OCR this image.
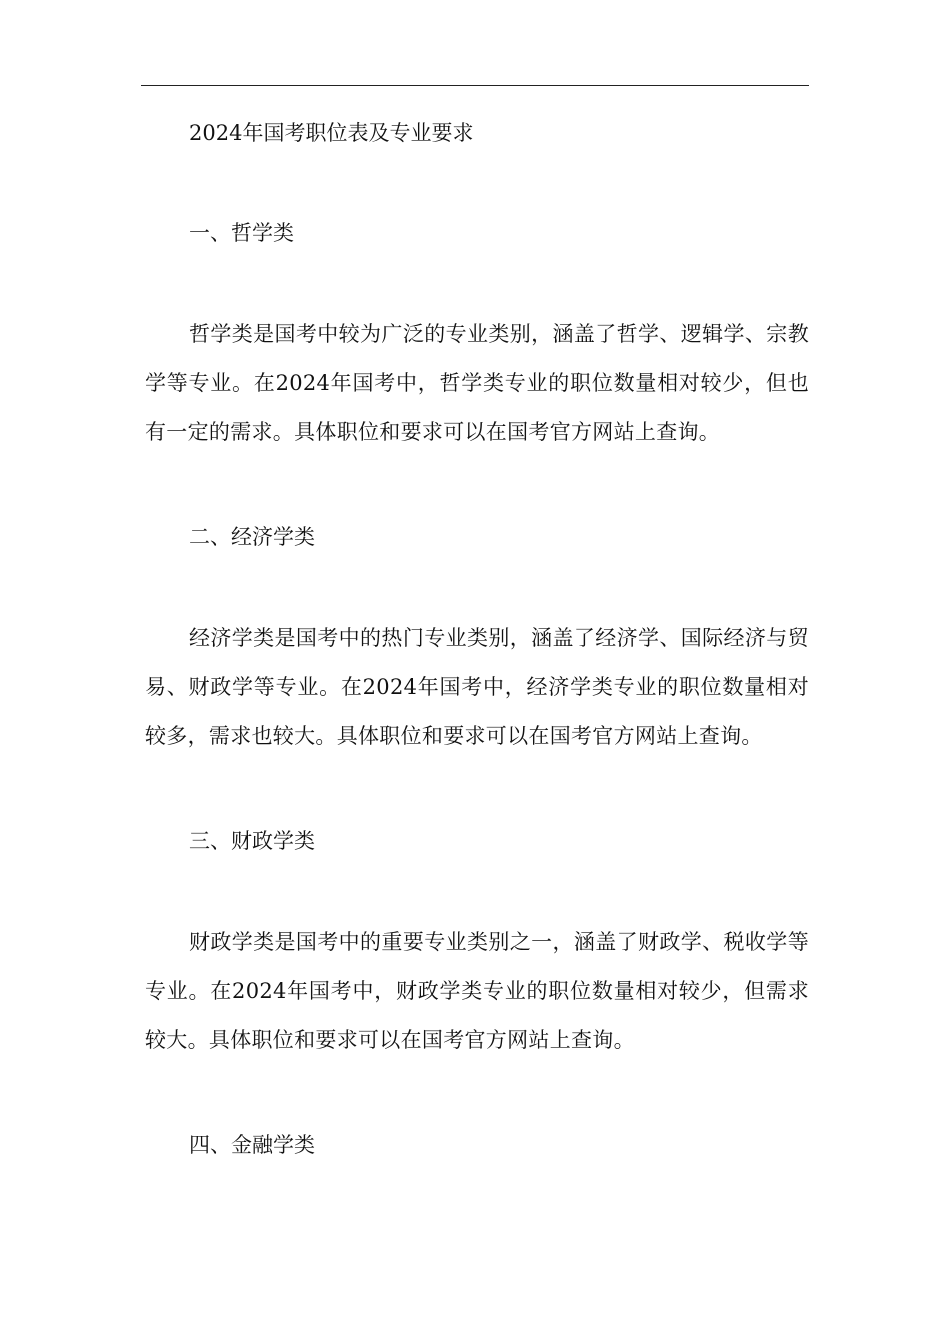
2024年国考职位表及专业要求
一、哲学类

哲学类是国考中较为广泛的专业类别，涵盖了哲学、逻辑学、宗教学等专业。在2024年国考中，哲学类专业的职位数量相对较少，但也有一定的需求。具体职位和要求可以在国考官方网站上查询。

二、经济学类

经济学类是国考中的热门专业类别，涵盖了经济学、国际经济与贸易、财政学等专业。在2024年国考中，经济学类专业的职位数量相对较多，需求也较大。具体职位和要求可以在国考官方网站上查询。

三、财政学类

财政学类是国考中的重要专业类别之一，涵盖了财政学、税收学等专业。在2024年国考中，财政学类专业的职位数量相对较少，但需求较大。具体职位和要求可以在国考官方网站上查询。

四、金融学类
